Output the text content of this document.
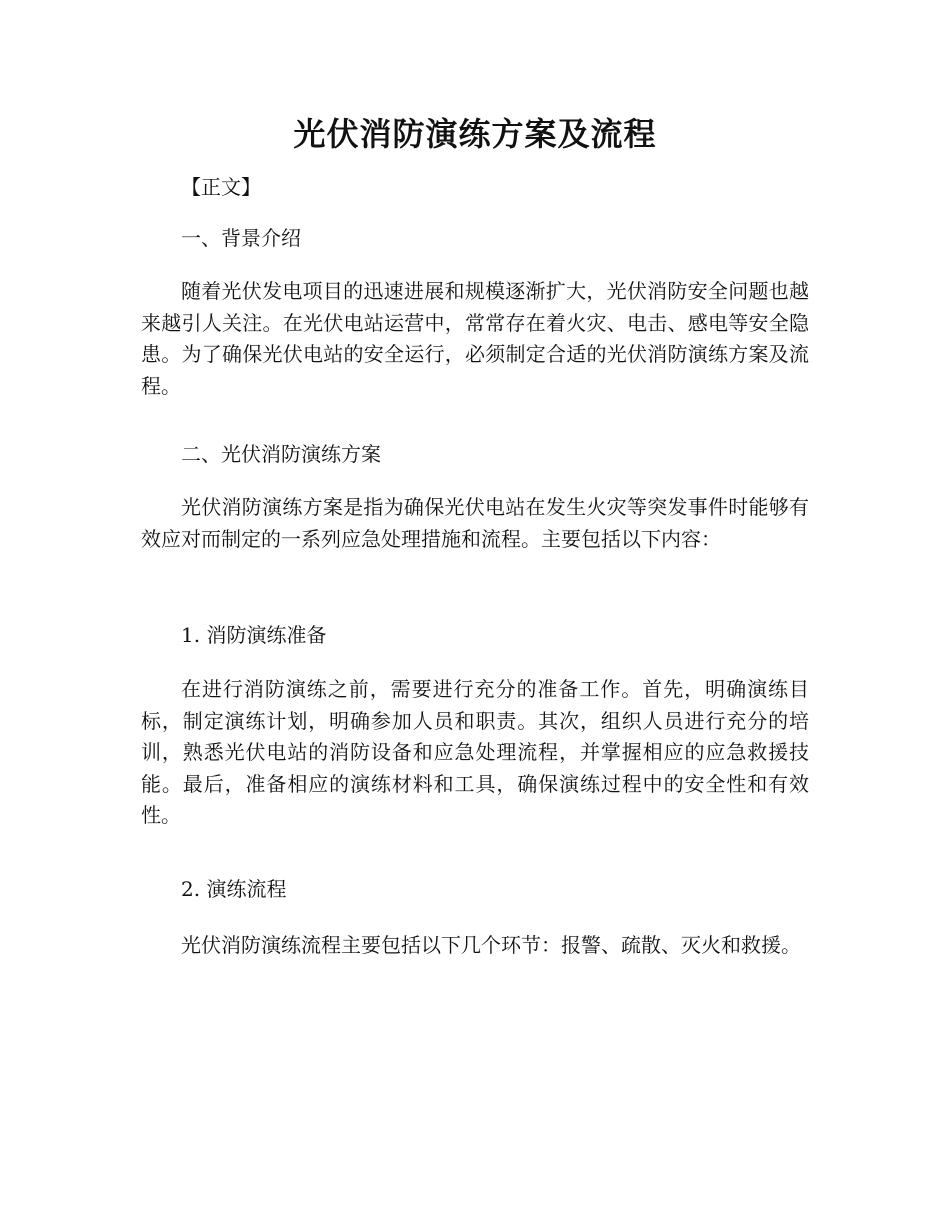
光伏消防演练方案及流程

【正文】

一、背景介绍

随着光伏发电项目的迅速进展和规模逐渐扩大，光伏消防安全问题也越来越引人关注。在光伏电站运营中，常常存在着火灾、电击、感电等安全隐患。为了确保光伏电站的安全运行，必须制定合适的光伏消防演练方案及流程。

二、光伏消防演练方案

光伏消防演练方案是指为确保光伏电站在发生火灾等突发事件时能够有效应对而制定的一系列应急处理措施和流程。主要包括以下内容：

1. 消防演练准备

在进行消防演练之前，需要进行充分的准备工作。首先，明确演练目标，制定演练计划，明确参加人员和职责。其次，组织人员进行充分的培训，熟悉光伏电站的消防设备和应急处理流程，并掌握相应的应急救援技能。最后，准备相应的演练材料和工具，确保演练过程中的安全性和有效性。

2. 演练流程

光伏消防演练流程主要包括以下几个环节：报警、疏散、灭火和救援。
